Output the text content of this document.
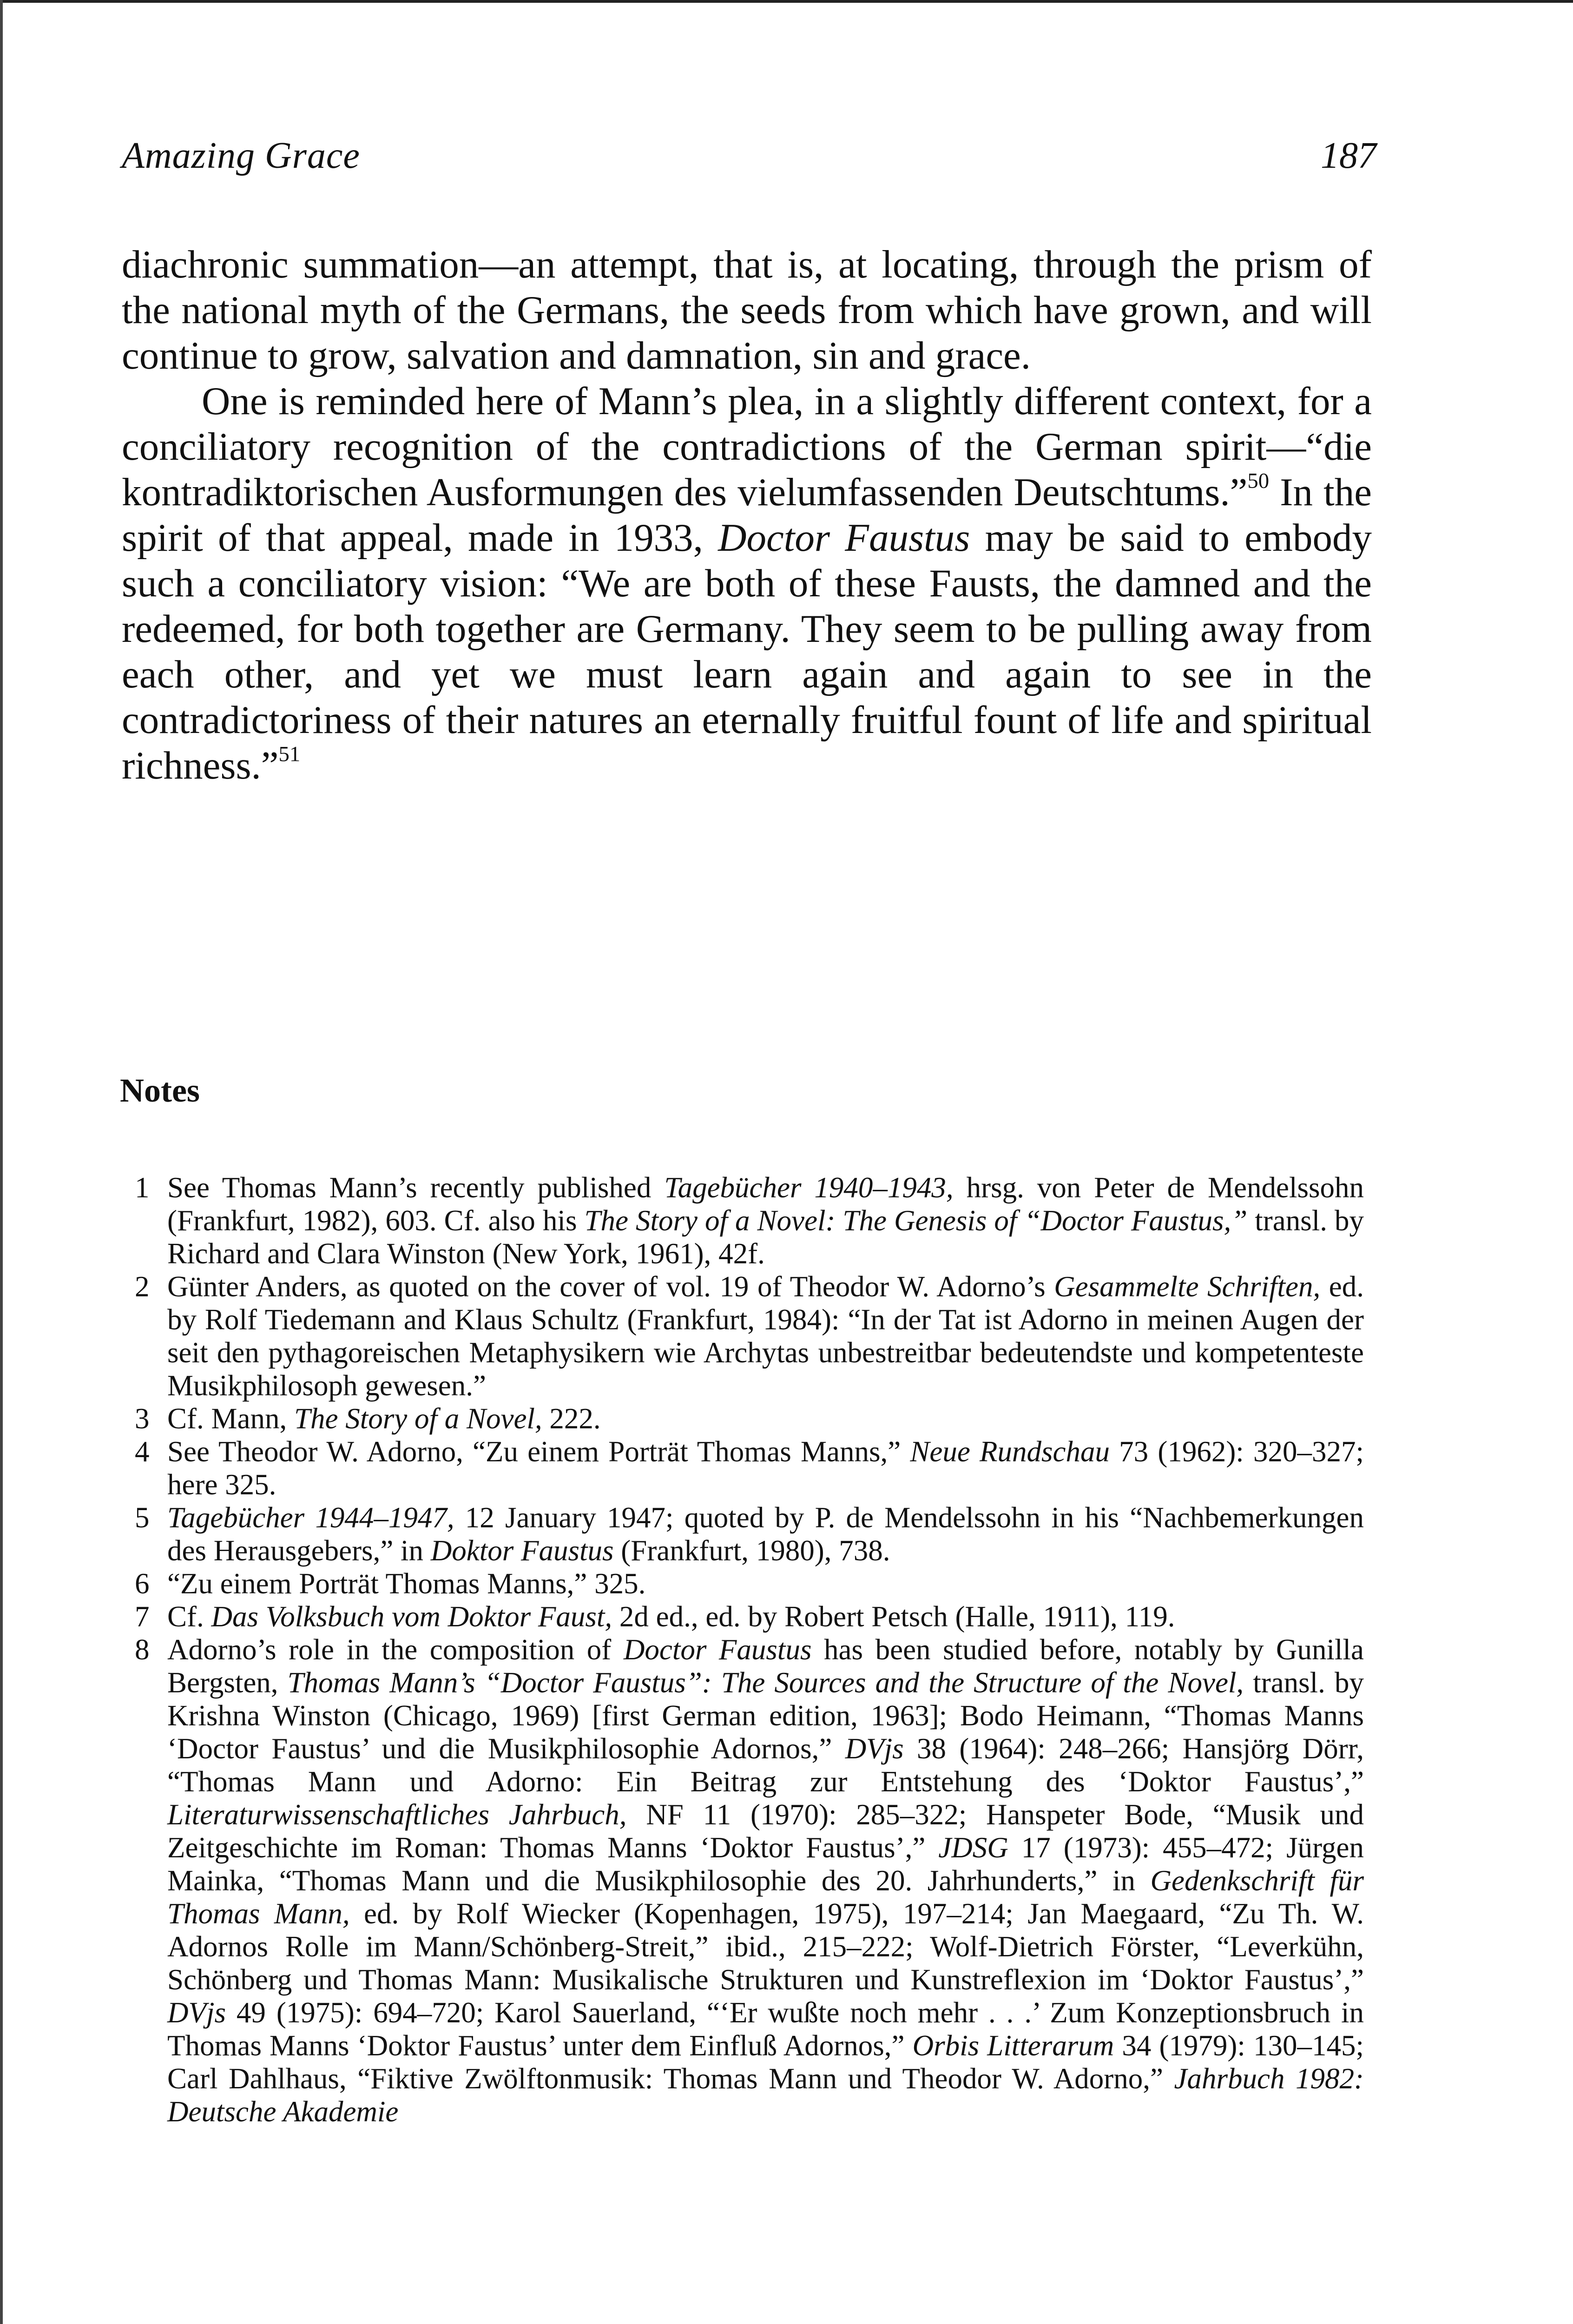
Amazing Grace	187

diachronic summation—an attempt, that is, at locating, through the prism of the national myth of the Germans, the seeds from which have grown, and will continue to grow, salvation and damnation, sin and grace.

One is reminded here of Mann’s plea, in a slightly different context, for a conciliatory recognition of the contradictions of the German spirit—“die kontradiktorischen Ausformungen des vielumfassenden Deutschtums.”$^{50}$ In the spirit of that appeal, made in 1933, Doctor Faustus may be said to embody such a conciliatory vision: “We are both of these Fausts, the damned and the redeemed, for both together are Germany. They seem to be pulling away from each other, and yet we must learn again and again to see in the contradictoriness of their natures an eternally fruitful fount of life and spiritual richness.”$^{51}$

Notes
1 See Thomas Mann’s recently published Tagebücher 1940–1943, hrsg. von Peter de Mendelssohn (Frankfurt, 1982), 603. Cf. also his The Story of a Novel: The Genesis of “Doctor Faustus,” transl. by Richard and Clara Winston (New York, 1961), 42f.
2 Günter Anders, as quoted on the cover of vol. 19 of Theodor W. Adorno’s Gesammelte Schriften, ed. by Rolf Tiedemann and Klaus Schultz (Frankfurt, 1984): “In der Tat ist Adorno in meinen Augen der seit den pythagoreischen Metaphysikern wie Archytas unbestreitbar bedeutendste und kompetenteste Musikphilosoph gewesen.”
3 Cf. Mann, The Story of a Novel, 222.
4 See Theodor W. Adorno, “Zu einem Porträt Thomas Manns,” Neue Rundschau 73 (1962): 320–327; here 325.
5 Tagebücher 1944–1947, 12 January 1947; quoted by P. de Mendelssohn in his “Nachbemerkungen des Herausgebers,” in Doktor Faustus (Frankfurt, 1980), 738.
6 “Zu einem Porträt Thomas Manns,” 325.
7 Cf. Das Volksbuch vom Doktor Faust, 2d ed., ed. by Robert Petsch (Halle, 1911), 119.
8 Adorno’s role in the composition of Doctor Faustus has been studied before, notably by Gunilla Bergsten, Thomas Mann’s “Doctor Faustus”: The Sources and the Structure of the Novel, transl. by Krishna Winston (Chicago, 1969) [first German edition, 1963]; Bodo Heimann, “Thomas Manns ‘Doctor Faustus’ und die Musikphilosophie Adornos,” DVjs 38 (1964): 248–266; Hansjörg Dörr, “Thomas Mann und Adorno: Ein Beitrag zur Entstehung des ‘Doktor Faustus’,” Literaturwissenschaftliches Jahrbuch, NF 11 (1970): 285–322; Hanspeter Bode, “Musik und Zeitgeschichte im Roman: Thomas Manns ‘Doktor Faustus’,” JDSG 17 (1973): 455–472; Jürgen Mainka, “Thomas Mann und die Musikphilosophie des 20. Jahrhunderts,” in Gedenkschrift für Thomas Mann, ed. by Rolf Wiecker (Kopenhagen, 1975), 197–214; Jan Maegaard, “Zu Th. W. Adornos Rolle im Mann/Schönberg-Streit,” ibid., 215–222; Wolf-Dietrich Förster, “Leverkühn, Schönberg und Thomas Mann: Musikalische Strukturen und Kunstreflexion im ‘Doktor Faustus’,” DVjs 49 (1975): 694–720; Karol Sauerland, “‘Er wußte noch mehr . . .’ Zum Konzeptionsbruch in Thomas Manns ‘Doktor Faustus’ unter dem Einfluß Adornos,” Orbis Litterarum 34 (1979): 130–145; Carl Dahlhaus, “Fiktive Zwölftonmusik: Thomas Mann und Theodor W. Adorno,” Jahrbuch 1982: Deutsche Akademie
